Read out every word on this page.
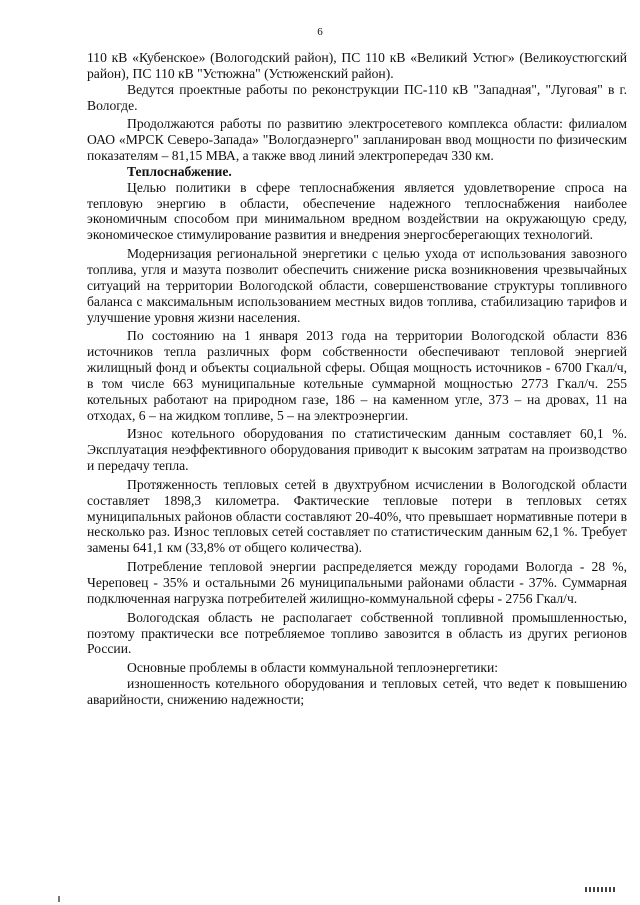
6

110 кВ «Кубенское» (Вологодский район), ПС 110 кВ «Великий Устюг» (Великоустюгский район), ПС 110 кВ "Устюжна" (Устюженский район).

Ведутся проектные работы по реконструкции ПС-110 кВ "Западная", "Луговая" в г. Вологде.

Продолжаются работы по развитию электросетевого комплекса области: филиалом ОАО «МРСК Северо-Запада» "Вологдаэнерго" запланирован ввод мощности по физическим показателям – 81,15 МВА, а также ввод линий электропередач 330 км.

Теплоснабжение.

Целью политики в сфере теплоснабжения является удовлетворение спроса на тепловую энергию в области, обеспечение надежного теплоснабжения наиболее экономичным способом при минимальном вредном воздействии на окружающую среду, экономическое стимулирование развития и внедрения энергосберегающих технологий.

Модернизация региональной энергетики с целью ухода от использования завозного топлива, угля и мазута позволит обеспечить снижение риска возникновения чрезвычайных ситуаций на территории Вологодской области, совершенствование структуры топливного баланса с максимальным использованием местных видов топлива, стабилизацию тарифов и улучшение уровня жизни населения.

По состоянию на 1 января 2013 года на территории Вологодской области 836 источников тепла различных форм собственности обеспечивают тепловой энергией жилищный фонд и объекты социальной сферы. Общая мощность источников - 6700 Гкал/ч, в том числе 663 муниципальные котельные суммарной мощностью 2773 Гкал/ч. 255 котельных работают на природном газе, 186 – на каменном угле, 373 – на дровах, 11 на отходах, 6 – на жидком топливе, 5 – на электроэнергии.

Износ котельного оборудования по статистическим данным составляет 60,1 %. Эксплуатация неэффективного оборудования приводит к высоким затратам на производство и передачу тепла.

Протяженность тепловых сетей в двухтрубном исчислении в Вологодской области составляет 1898,3 километра. Фактические тепловые потери в тепловых сетях муниципальных районов области составляют 20-40%, что превышает нормативные потери в несколько раз. Износ тепловых сетей составляет по статистическим данным 62,1 %. Требует замены 641,1 км (33,8% от общего количества).

Потребление тепловой энергии распределяется между городами Вологда - 28 %, Череповец - 35% и остальными 26 муниципальными районами области - 37%. Суммарная подключенная нагрузка потребителей жилищно-коммунальной сферы - 2756 Гкал/ч.

Вологодская область не располагает собственной топливной промышленностью, поэтому практически все потребляемое топливо завозится в область из других регионов России.

Основные проблемы в области коммунальной теплоэнергетики:

изношенность котельного оборудования и тепловых сетей, что ведет к повышению аварийности, снижению надежности;
